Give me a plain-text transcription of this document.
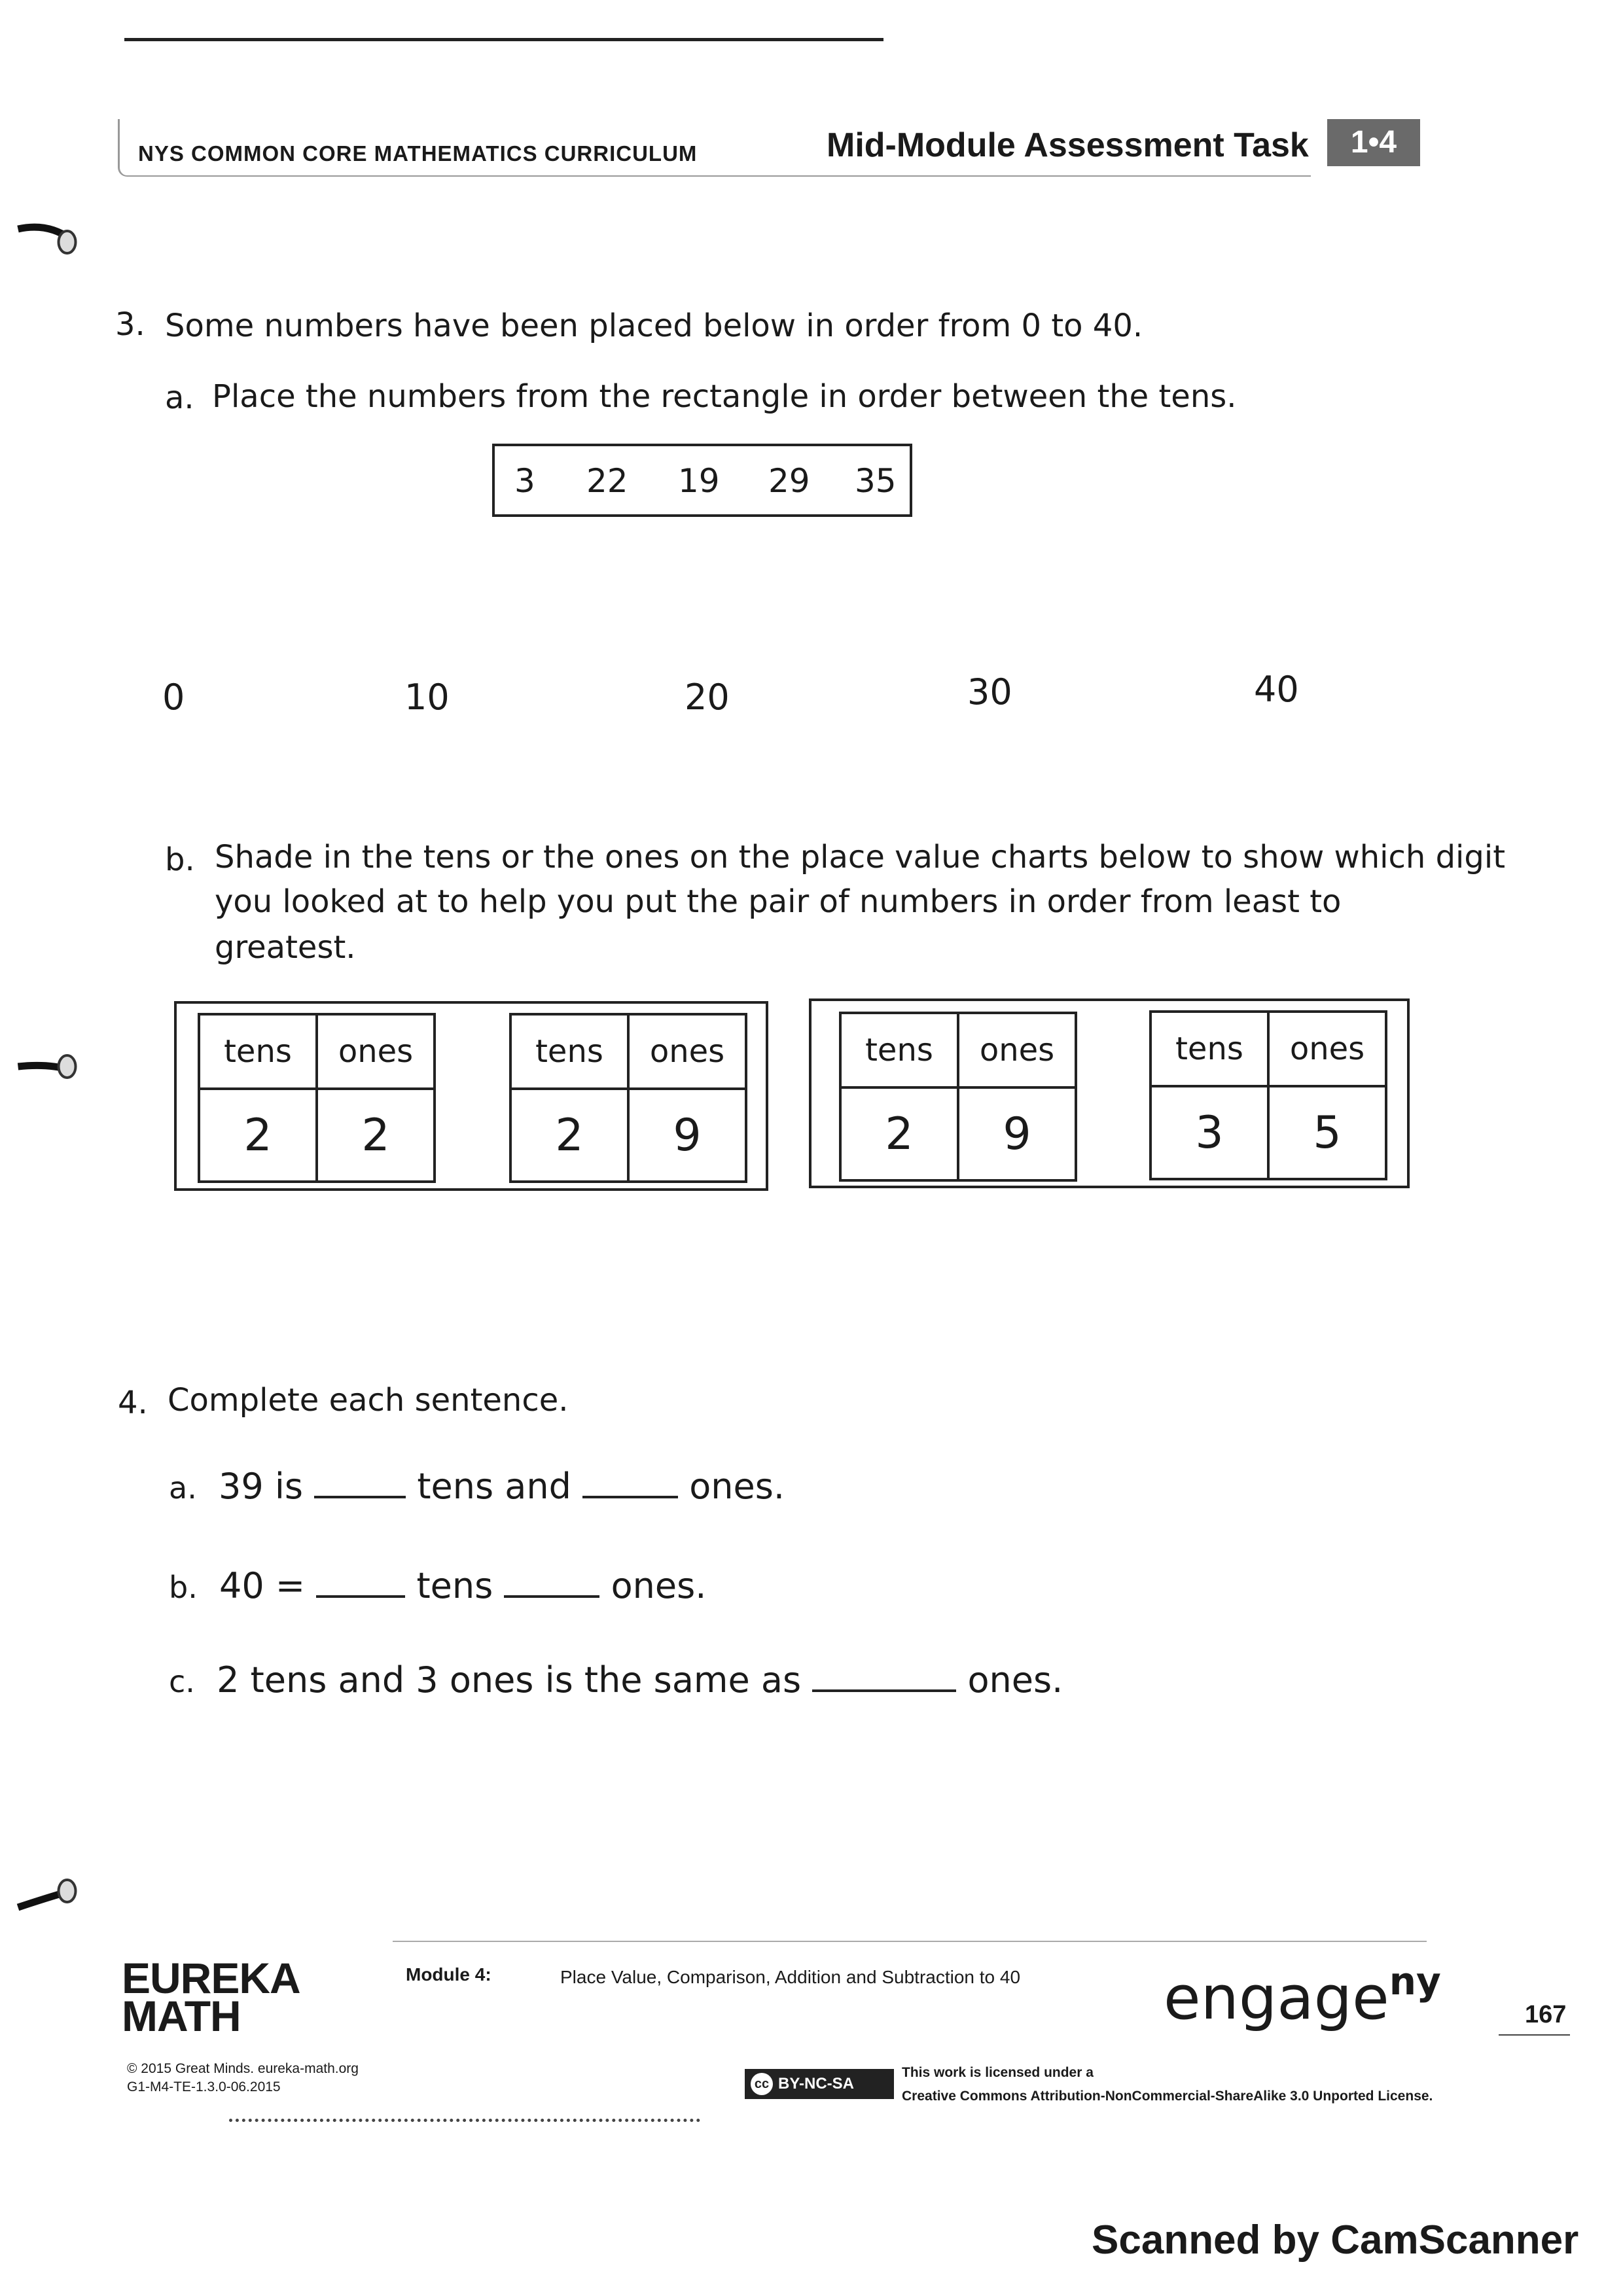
NYS COMMON CORE MATHEMATICS CURRICULUM	Mid-Module Assessment Task	1•4
3. Some numbers have been placed below in order from 0 to 40.
a. Place the numbers from the rectangle in order between the tens.
3 22 19 29 35
0	10	20	30	40
b. Shade in the tens or the ones on the place value charts below to show which digit
you looked at to help you put the pair of numbers in order from least to
greatest.
tens	ones
2	2
tens	ones
2	9
tens	ones
2	9
tens	ones
3	5
4. Complete each sentence.
a. 39 is	tens and	ones.
b. 40 =	tens	ones.
c. 2 tens and 3 ones is the same as	ones.
EUREKA
MATH
Module 4:	Place Value, Comparison, Addition and Subtraction to 40
© 2015 Great Minds. eureka-math.org
G1-M4-TE-1.3.0-06.2015	cc BY-NC-SA
This work is licensed under a
Creative Commons Attribution-NonCommercial-ShareAlike 3.0 Unported License.
engage$^{ny}$
167
Scanned by CamScanner
